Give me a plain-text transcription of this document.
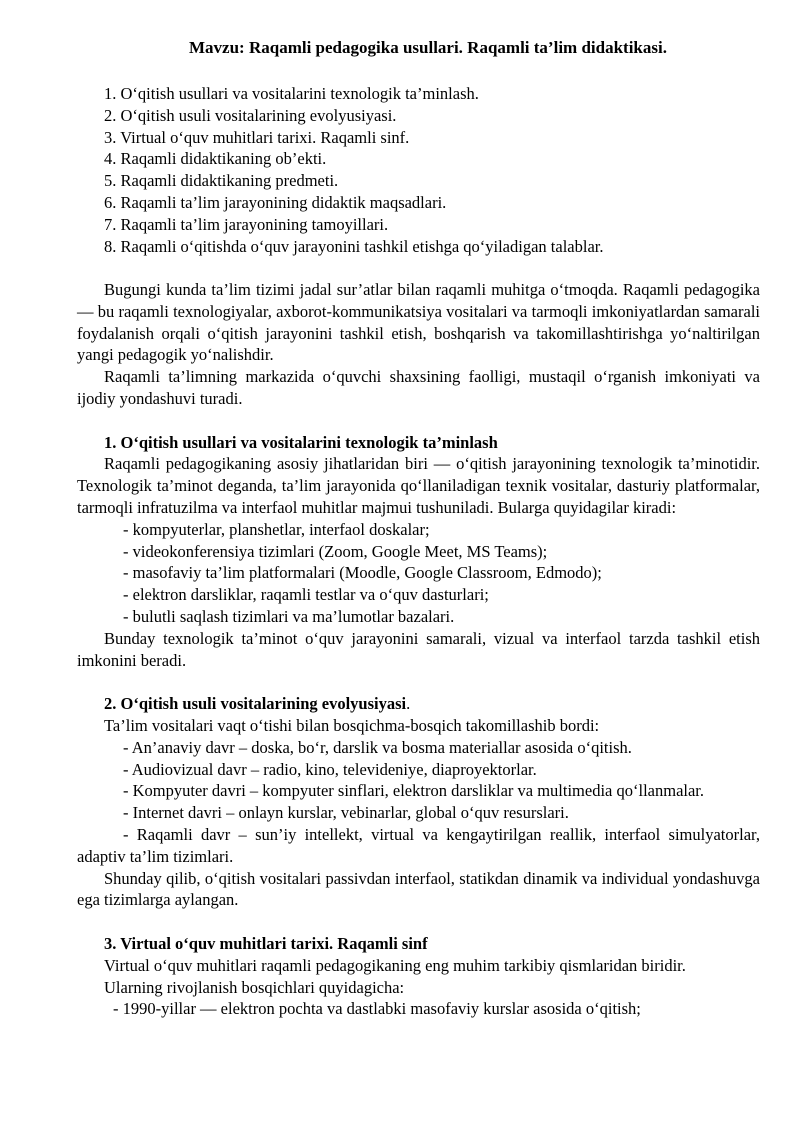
Mavzu: Raqamli pedagogika usullari. Raqamli ta’lim didaktikasi.
1. O‘qitish usullari va vositalarini texnologik ta’minlash.
2. O‘qitish usuli vositalarining evolyusiyasi.
3. Virtual o‘quv muhitlari tarixi. Raqamli sinf.
4. Raqamli didaktikaning ob’ekti.
5. Raqamli didaktikaning predmeti.
6. Raqamli ta’lim jarayonining didaktik maqsadlari.
7. Raqamli ta’lim jarayonining tamoyillari.
8. Raqamli o‘qitishda o‘quv jarayonini tashkil etishga qo‘yiladigan talablar.

Bugungi kunda ta’lim tizimi jadal sur’atlar bilan raqamli muhitga o‘tmoqda. Raqamli pedagogika — bu raqamli texnologiyalar, axborot-kommunikatsiya vositalari va tarmoqli imkoniyatlardan samarali foydalanish orqali o‘qitish jarayonini tashkil etish, boshqarish va takomillashtirishga yo‘naltirilgan yangi pedagogik yo‘nalishdir.

Raqamli ta’limning markazida o‘quvchi shaxsining faolligi, mustaqil o‘rganish imkoniyati va ijodiy yondashuvi turadi.

1. O‘qitish usullari va vositalarini texnologik ta’minlash

Raqamli pedagogikaning asosiy jihatlaridan biri — o‘qitish jarayonining texnologik ta’minotidir. Texnologik ta’minot deganda, ta’lim jarayonida qo‘llaniladigan texnik vositalar, dasturiy platformalar, tarmoqli infratuzilma va interfaol muhitlar majmui tushuniladi. Bularga quyidagilar kiradi:

- kompyuterlar, planshetlar, interfaol doskalar;

- videokonferensiya tizimlari (Zoom, Google Meet, MS Teams);

- masofaviy ta’lim platformalari (Moodle, Google Classroom, Edmodo);

- elektron darsliklar, raqamli testlar va o‘quv dasturlari;

- bulutli saqlash tizimlari va ma’lumotlar bazalari.

Bunday texnologik ta’minot o‘quv jarayonini samarali, vizual va interfaol tarzda tashkil etish imkonini beradi.

2. O‘qitish usuli vositalarining evolyusiyasi.

Ta’lim vositalari vaqt o‘tishi bilan bosqichma-bosqich takomillashib bordi:

- An’anaviy davr – doska, bo‘r, darslik va bosma materiallar asosida o‘qitish.

- Audiovizual davr – radio, kino, televideniye, diaproyektorlar.

- Kompyuter davri – kompyuter sinflari, elektron darsliklar va multimedia qo‘llanmalar.

- Internet davri – onlayn kurslar, vebinarlar, global o‘quv resurslari.

- Raqamli davr – sun’iy intellekt, virtual va kengaytirilgan reallik, interfaol simulyatorlar, adaptiv ta’lim tizimlari.

Shunday qilib, o‘qitish vositalari passivdan interfaol, statikdan dinamik va individual yondashuvga ega tizimlarga aylangan.

3. Virtual o‘quv muhitlari tarixi. Raqamli sinf

Virtual o‘quv muhitlari raqamli pedagogikaning eng muhim tarkibiy qismlaridan biridir.

Ularning rivojlanish bosqichlari quyidagicha:

- 1990-yillar — elektron pochta va dastlabki masofaviy kurslar asosida o‘qitish;
